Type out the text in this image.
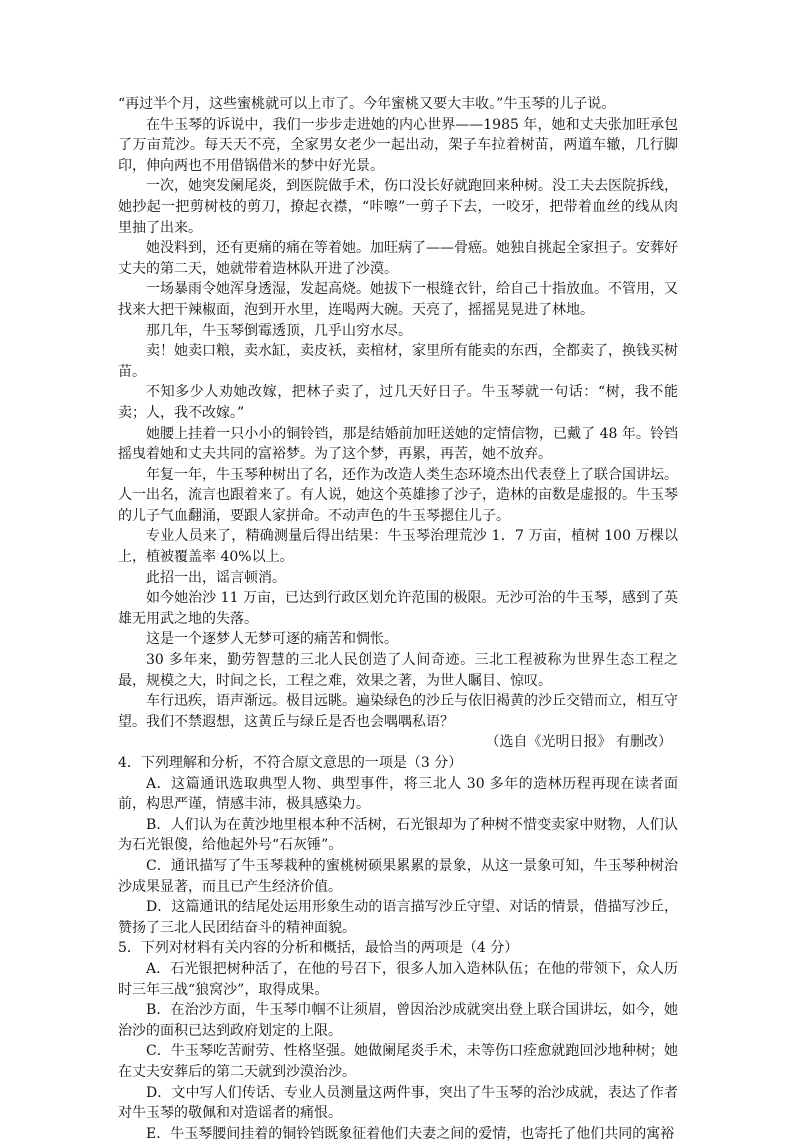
“再过半个月，这些蜜桃就可以上市了。今年蜜桃又要大丰收。”牛玉琴的儿子说。

在牛玉琴的诉说中，我们一步步走进她的内心世界——1985 年，她和丈夫张加旺承包了万亩荒沙。每天天不亮，全家男女老少一起出动，架子车拉着树苗，两道车辙，几行脚印，伸向两也不用借锅借米的梦中好光景。

一次，她突发阑尾炎，到医院做手术，伤口没长好就跑回来种树。没工夫去医院拆线，她抄起一把剪树枝的剪刀，撩起衣襟，“咔嚓”一剪子下去，一咬牙，把带着血丝的线从肉里抽了出来。

她没料到，还有更痛的痛在等着她。加旺病了——骨癌。她独自挑起全家担子。安葬好丈夫的第二天，她就带着造林队开进了沙漠。

一场暴雨令她浑身透湿，发起高烧。她拔下一根缝衣针，给自己十指放血。不管用，又找来大把干辣椒面，泡到开水里，连喝两大碗。天亮了，摇摇晃晃进了林地。

那几年，牛玉琴倒霉透顶，几乎山穷水尽。

卖！她卖口粮，卖水缸，卖皮袄，卖棺材，家里所有能卖的东西，全都卖了，换钱买树苗。

不知多少人劝她改嫁，把林子卖了，过几天好日子。牛玉琴就一句话：“树，我不能卖；人，我不改嫁。”

她腰上挂着一只小小的铜铃铛，那是结婚前加旺送她的定情信物，已戴了 48 年。铃铛摇曳着她和丈夫共同的富裕梦。为了这个梦，再累，再苦，她不放弃。

年复一年，牛玉琴种树出了名，还作为改造人类生态环境杰出代表登上了联合国讲坛。人一出名，流言也跟着来了。有人说，她这个英雄掺了沙子，造林的亩数是虚报的。牛玉琴的儿子气血翻涌，要跟人家拼命。不动声色的牛玉琴摁住儿子。

专业人员来了，精确测量后得出结果：牛玉琴治理荒沙 1．7 万亩，植树 100 万棵以上，植被覆盖率 40%以上。

此招一出，谣言顿消。

如今她治沙 11 万亩，已达到行政区划允许范围的极限。无沙可治的牛玉琴，感到了英雄无用武之地的失落。

这是一个逐梦人无梦可逐的痛苦和惆怅。

30 多年来，勤劳智慧的三北人民创造了人间奇迹。三北工程被称为世界生态工程之最，规模之大，时间之长，工程之难，效果之著，为世人瞩目、惊叹。

车行迅疾，语声渐远。极目远眺。遍染绿色的沙丘与依旧褐黄的沙丘交错而立，相互守望。我们不禁遐想，这黄丘与绿丘是否也会喁喁私语？

（选自《光明日报》 有删改）

4．下列理解和分析，不符合原文意思的一项是（3 分）

A．这篇通讯选取典型人物、典型事件，将三北人 30 多年的造林历程再现在读者面前，构思严谨，情感丰沛，极具感染力。

B．人们认为在黄沙地里根本种不活树，石光银却为了种树不惜变卖家中财物，人们认为石光银傻，给他起外号“石灰锤”。

C．通讯描写了牛玉琴栽种的蜜桃树硕果累累的景象，从这一景象可知，牛玉琴种树治沙成果显著，而且已产生经济价值。

D．这篇通讯的结尾处运用形象生动的语言描写沙丘守望、对话的情景，借描写沙丘，赞扬了三北人民团结奋斗的精神面貌。

5．下列对材料有关内容的分析和概括，最恰当的两项是（4 分）

A．石光银把树种活了，在他的号召下，很多人加入造林队伍；在他的带领下，众人历时三年三战“狼窝沙”，取得成果。

B．在治沙方面，牛玉琴巾帼不让须眉，曾因治沙成就突出登上联合国讲坛，如今，她治沙的面积已达到政府划定的上限。

C．牛玉琴吃苦耐劳、性格坚强。她做阑尾炎手术，未等伤口痊愈就跑回沙地种树；她在丈夫安葬后的第二天就到沙漠治沙。

D．文中写人们传话、专业人员测量这两件事，突出了牛玉琴的治沙成就，表达了作者对牛玉琴的敬佩和对造谣者的痛恨。

E．牛玉琴腰间挂着的铜铃铛既象征着他们夫妻之间的爱情，也寄托了他们共同的寓裕
